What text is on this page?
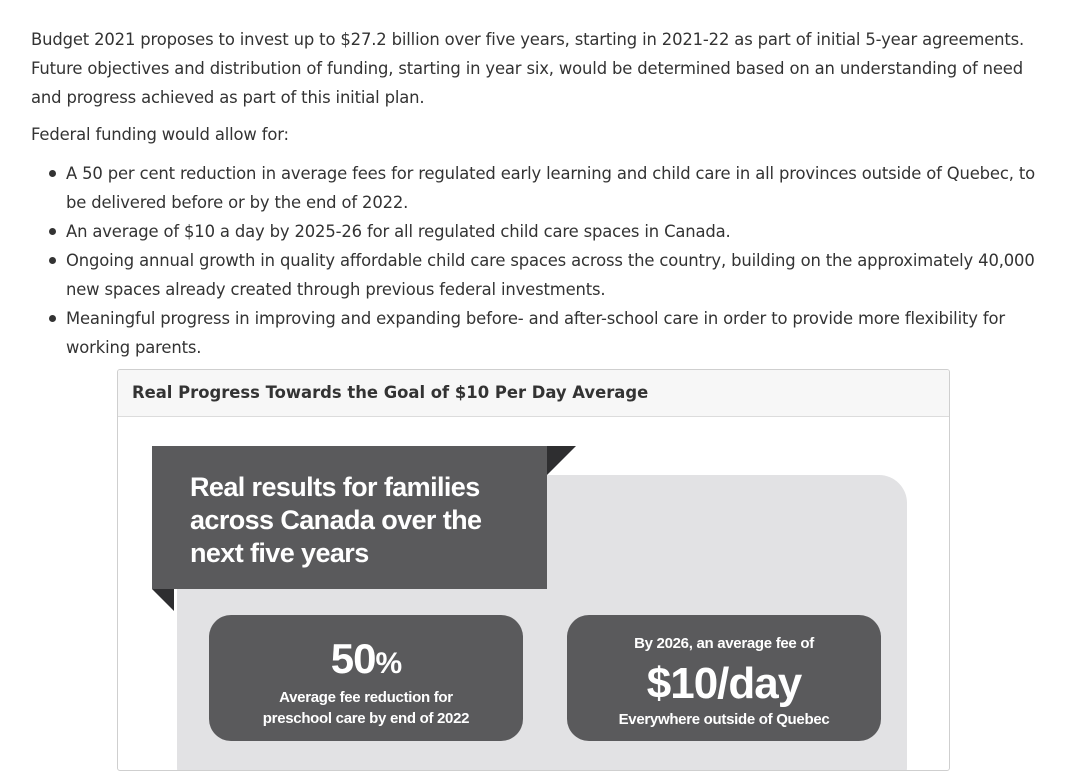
Budget 2021 proposes to invest up to $27.2 billion over five years, starting in 2021-22 as part of initial 5-year agreements. Future objectives and distribution of funding, starting in year six, would be determined based on an understanding of need and progress achieved as part of this initial plan.

Federal funding would allow for:

A 50 per cent reduction in average fees for regulated early learning and child care in all provinces outside of Quebec, to be delivered before or by the end of 2022.
An average of $10 a day by 2025-26 for all regulated child care spaces in Canada.
Ongoing annual growth in quality affordable child care spaces across the country, building on the approximately 40,000 new spaces already created through previous federal investments.
Meaningful progress in improving and expanding before- and after-school care in order to provide more flexibility for working parents.
Real Progress Towards the Goal of $10 Per Day Average

Real results for families across Canada over the next five years

50%
Average fee reduction for
preschool care by end of 2022
By 2026, an average fee of
$10/day
Everywhere outside of Quebec
